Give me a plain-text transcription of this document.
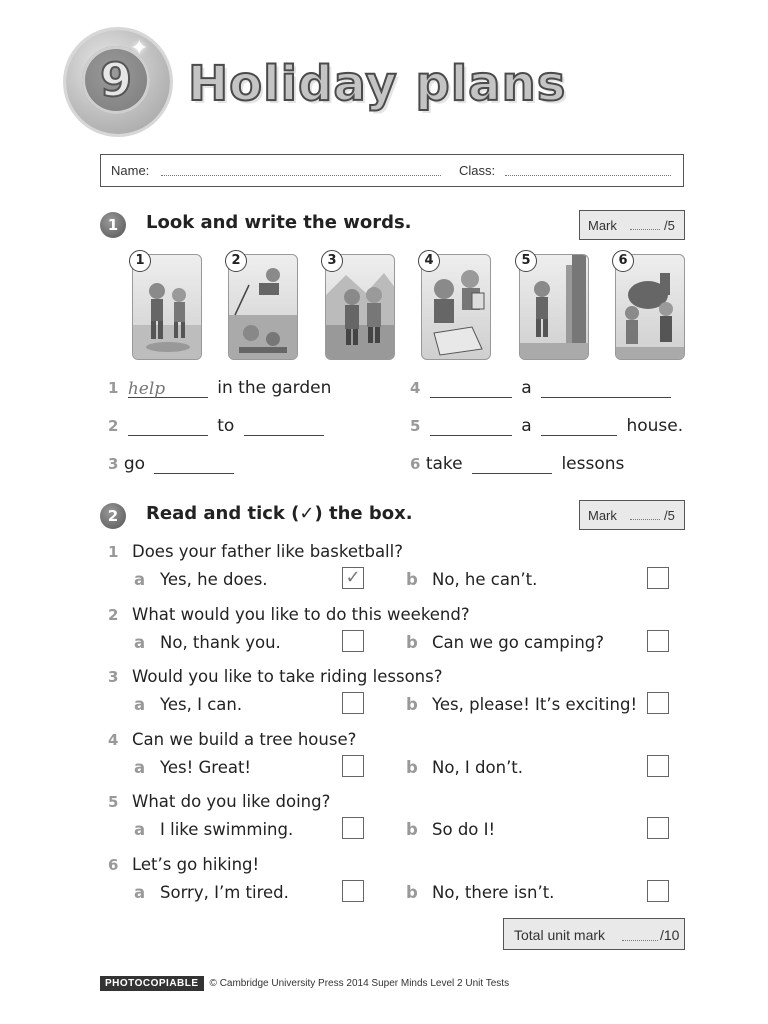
9
✦
Holiday plans
Name:	Class:
1	Look and write the words.	Mark	/5
1	2	3	4	5	6
1 help	in the garden
2	to
3 go
4	a
5	a	house.
6 take	lessons
2	Read and tick (✓) the box.	Mark	/5
1 Does your father like basketball?
a Yes, he does.	✓	b No, he can’t.
2 What would you like to do this weekend?
a No, thank you.	b Can we go camping?
3 Would you like to take riding lessons?
a Yes, I can.	b Yes, please! It’s exciting!
4 Can we build a tree house?
a Yes! Great!	b No, I don’t.
5 What do you like doing?
a I like swimming.	b So do I!
6 Let’s go hiking!
a Sorry, I’m tired.	b No, there isn’t.
Total unit mark	/10
PHOTOCOPIABLE © Cambridge University Press 2014 Super Minds Level 2 Unit Tests
